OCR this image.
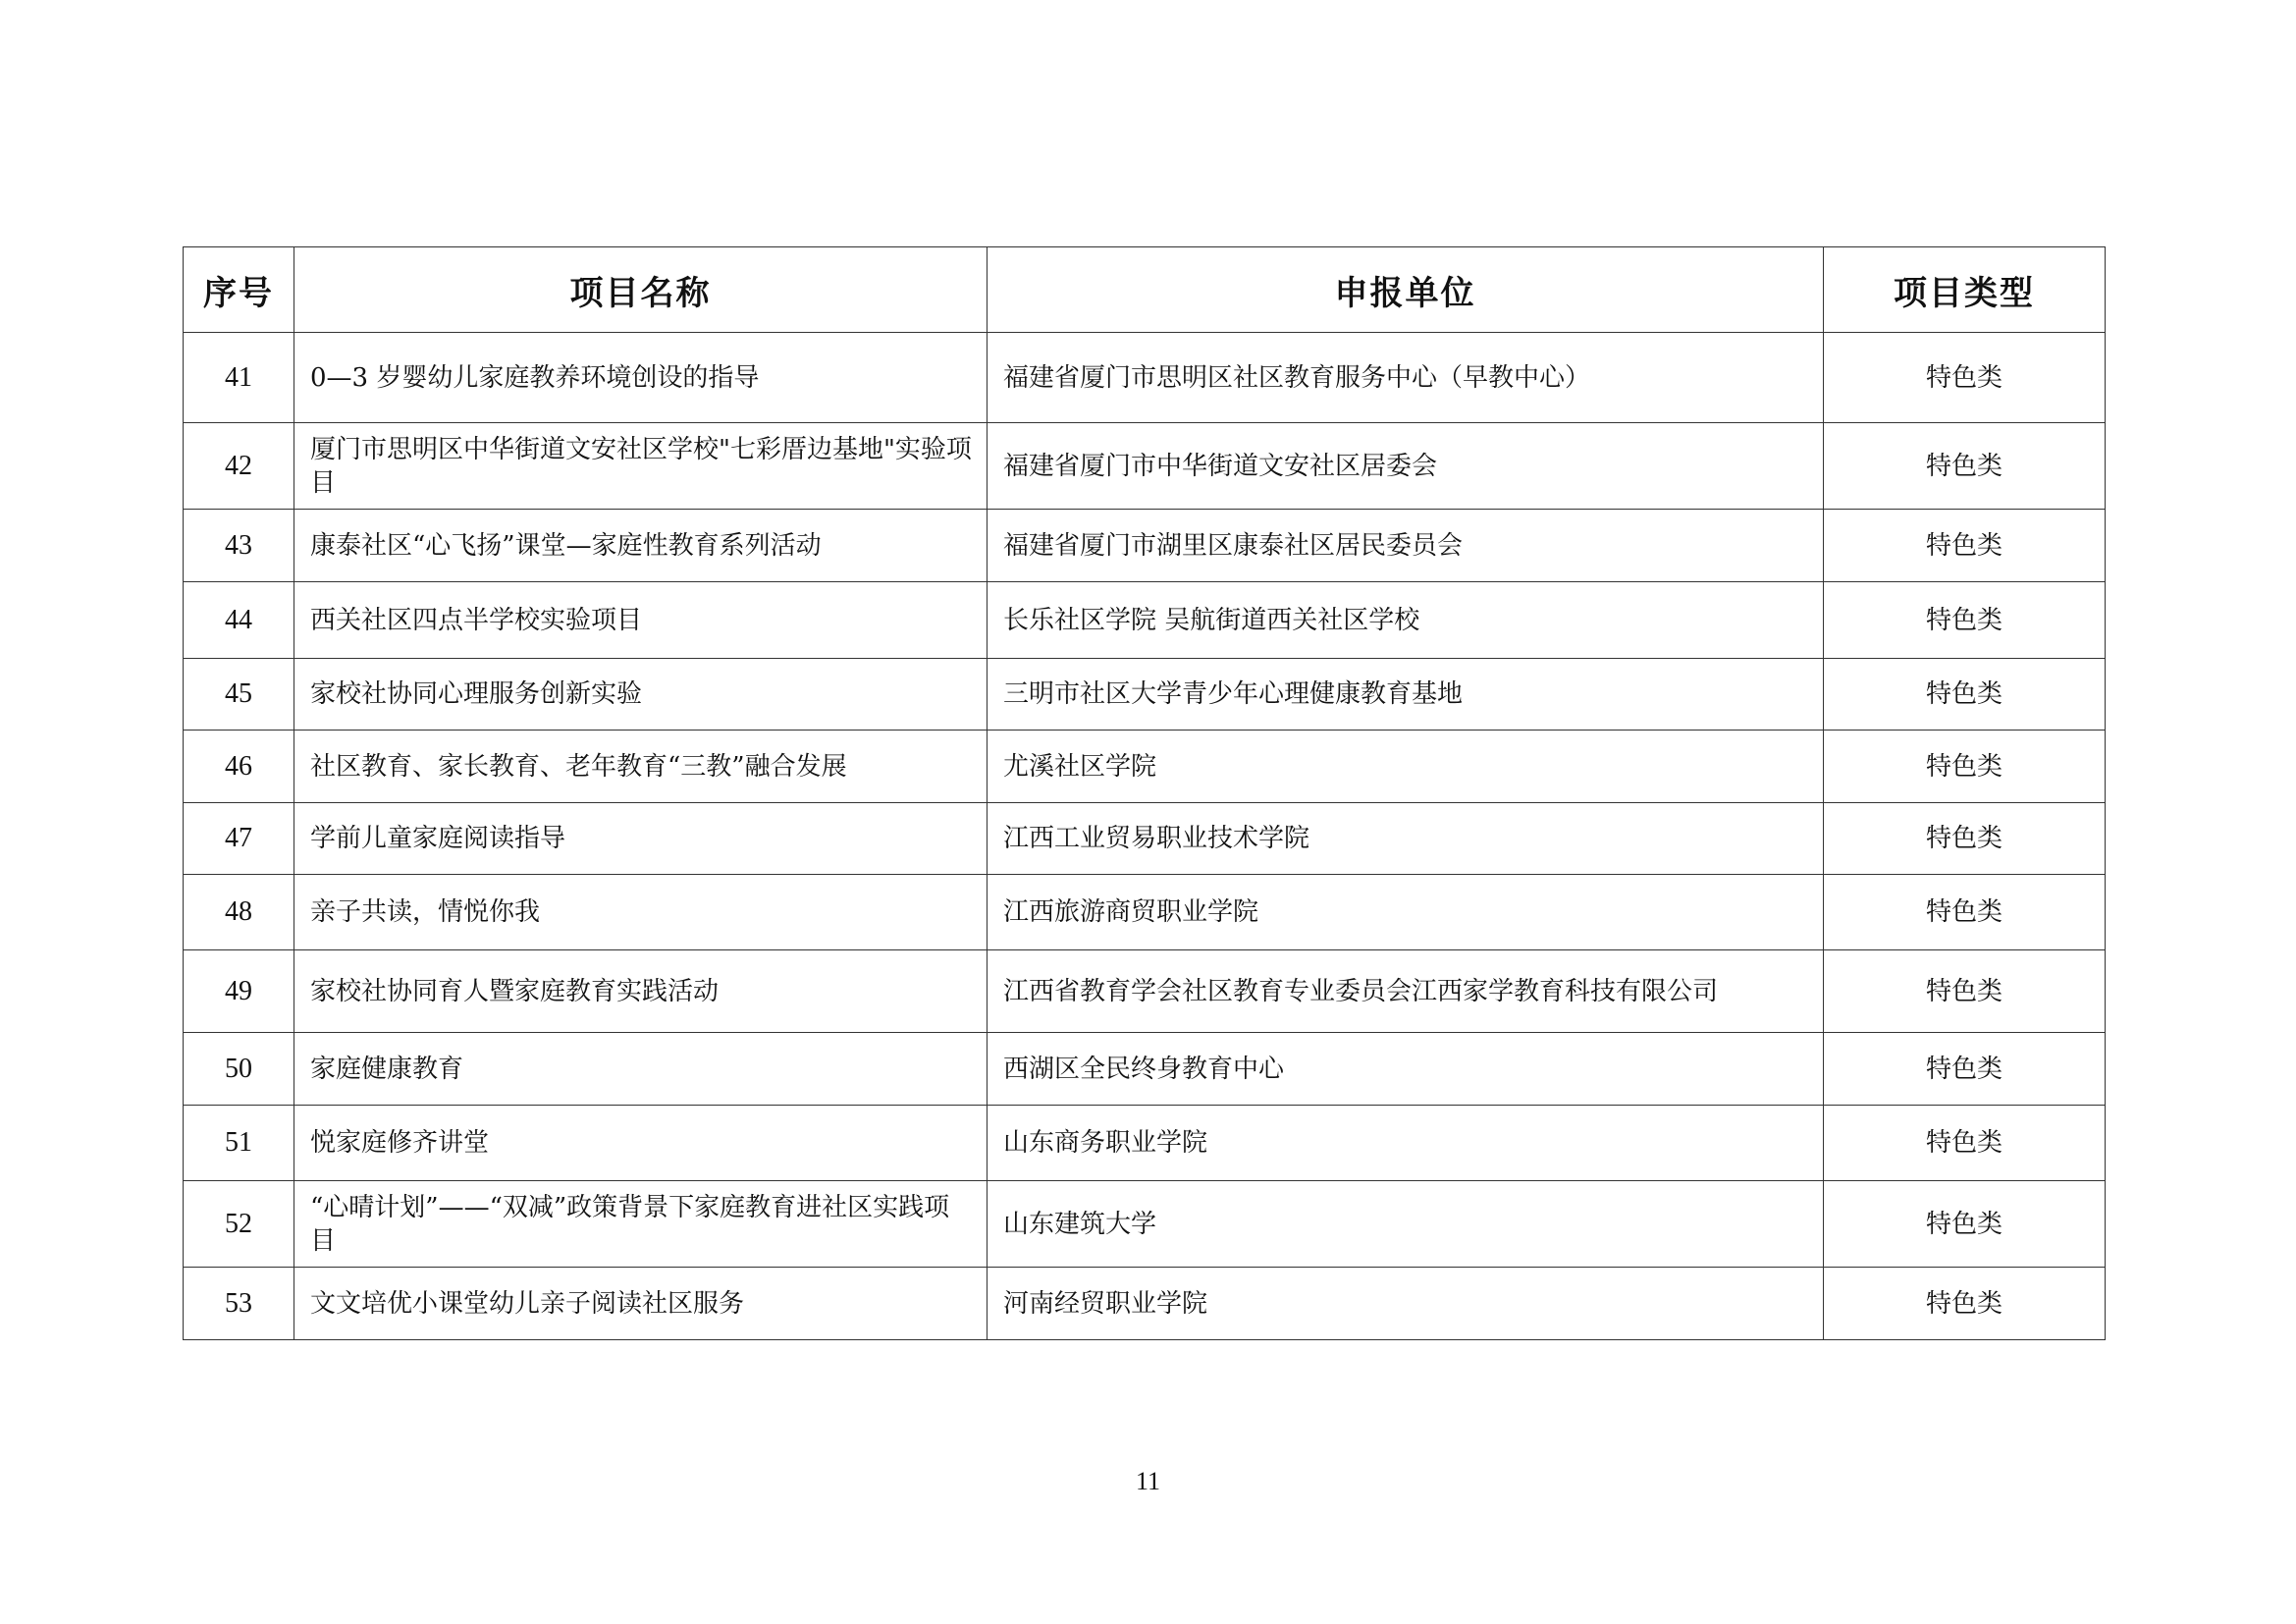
序号	项目名称	申报单位	项目类型
41	0—3 岁婴幼儿家庭教养环境创设的指导	福建省厦门市思明区社区教育服务中心（早教中心）	特色类
42	厦门市思明区中华街道文安社区学校"七彩厝边基地"实验项目	福建省厦门市中华街道文安社区居委会	特色类
43	康泰社区“心飞扬”课堂—家庭性教育系列活动	福建省厦门市湖里区康泰社区居民委员会	特色类
44	西关社区四点半学校实验项目	长乐社区学院 吴航街道西关社区学校	特色类
45	家校社协同心理服务创新实验	三明市社区大学青少年心理健康教育基地	特色类
46	社区教育、家长教育、老年教育“三教”融合发展	尤溪社区学院	特色类
47	学前儿童家庭阅读指导	江西工业贸易职业技术学院	特色类
48	亲子共读，情悦你我	江西旅游商贸职业学院	特色类
49	家校社协同育人暨家庭教育实践活动	江西省教育学会社区教育专业委员会江西家学教育科技有限公司	特色类
50	家庭健康教育	西湖区全民终身教育中心	特色类
51	悦家庭修齐讲堂	山东商务职业学院	特色类
52	“心晴计划”——“双减”政策背景下家庭教育进社区实践项目	山东建筑大学	特色类
53	文文培优小课堂幼儿亲子阅读社区服务	河南经贸职业学院	特色类
11
